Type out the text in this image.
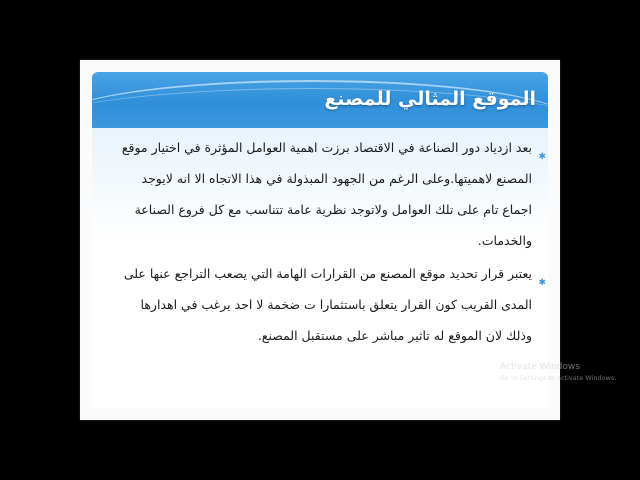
الموقع المثالي للمصنع
✱
بعد ازدياد دور الصناعة في الاقتصاد برزت اهمية العوامل المؤثرة في اختيار موقع المصنع لاهميتها.وعلى الرغم من الجهود المبذولة في هذا الاتجاه الا انه لايوجد اجماع تام على تلك العوامل ولاتوجد نظرية عامة تتناسب مع كل فروع الصناعة والخدمات.
✱
يعتبر قرار تحديد موقع المصنع من القرارات الهامة التي يصعب التراجع عنها على المدى القريب كون القرار يتعلق باستثمارا ت ضخمة لا احد يرغب في اهدارها وذلك لان الموقع له تاثير مباشر على مستقبل المصنع.
Activate Windows
Go to Settings to activate Windows.
